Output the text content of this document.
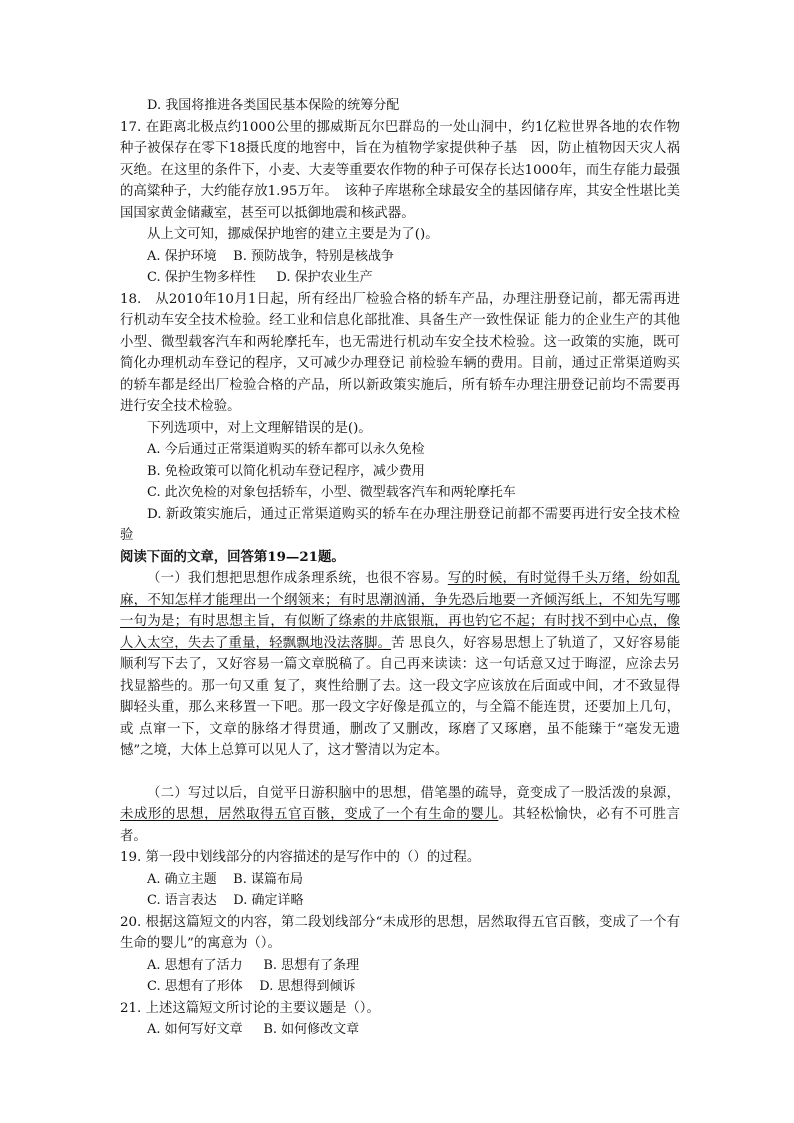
D. 我国将推进各类国民基本保险的统筹分配

17. 在距离北极点约1000公里的挪威斯瓦尔巴群岛的一处山洞中，约1亿粒世界各地的农作物种子被保存在零下18摄氏度的地窖中，旨在为植物学家提供种子基　因，防止植物因天灾人祸灭绝。在这里的条件下，小麦、大麦等重要农作物的种子可保存长达1000年，而生存能力最强的高粱种子，大约能存放1.95万年。　该种子库堪称全球最安全的基因储存库，其安全性堪比美国国家黄金储藏室，甚至可以抵御地震和核武器。

从上文可知，挪威保护地窖的建立主要是为了()。

A. 保护环境    B. 预防战争，特别是核战争

C. 保护生物多样性     D. 保护农业生产

18.　从2010年10月1日起，所有经出厂检验合格的轿车产品，办理注册登记前，都无需再进行机动车安全技术检验。经工业和信息化部批准、具备生产一致性保证 能力的企业生产的其他小型、微型载客汽车和两轮摩托车，也无需进行机动车安全技术检验。这一政策的实施，既可简化办理机动车登记的程序，又可减少办理登记 前检验车辆的费用。目前，通过正常渠道购买的轿车都是经出厂检验合格的产品，所以新政策实施后，所有轿车办理注册登记前均不需要再进行安全技术检验。

下列选项中，对上文理解错误的是()。

A. 今后通过正常渠道购买的轿车都可以永久免检

B. 免检政策可以简化机动车登记程序，减少费用

C. 此次免检的对象包括轿车，小型、微型载客汽车和两轮摩托车

D. 新政策实施后，通过正常渠道购买的轿车在办理注册登记前都不需要再进行安全技术检验

阅读下面的文章，回答第19—21题。

（一）我们想把思想作成条理系统，也很不容易。写的时候，有时觉得千头万绪，纷如乱麻，不知怎样才能理出一个纲领来；有时思潮汹涌，争先恐后地要一齐倾泻纸上，不知先写哪一句为是；有时思想主旨，有似断了绦索的井底银瓶，再也钓它不起；有时找不到中心点，像人入太空，失去了重量，轻飘飘地没法落脚。苦 思良久，好容易思想上了轨道了，又好容易能顺利写下去了，又好容易一篇文章脱稿了。自己再来读读：这一句话意又过于晦涩，应涂去另找显豁些的。那一句又重 复了，爽性给删了去。这一段文字应该放在后面或中间，才不致显得脚轻头重，那么来移置一下吧。那一段文字好像是孤立的，与全篇不能连贯，还要加上几句，或 点窜一下，文章的脉络才得贯通，删改了又删改，琢磨了又琢磨，虽不能臻于“毫发无遗憾”之境，大体上总算可以见人了，这才警清以为定本。

（二）写过以后，自觉平日游积脑中的思想，借笔墨的疏导，竟变成了一股活泼的泉源，未成形的思想，居然取得五官百骸，变成了一个有生命的婴儿。其轻松愉快，必有不可胜言者。

19. 第一段中划线部分的内容描述的是写作中的（）的过程。

A. 确立主题    B. 谋篇布局

C. 语言表达    D. 确定详略

20. 根据这篇短文的内容，第二段划线部分“未成形的思想，居然取得五官百骸，变成了一个有生命的婴儿”的寓意为（）。

A. 思想有了活力     B. 思想有了条理

C. 思想有了形体    D. 思想得到倾诉

21. 上述这篇短文所讨论的主要议题是（）。

A. 如何写好文章     B. 如何修改文章
